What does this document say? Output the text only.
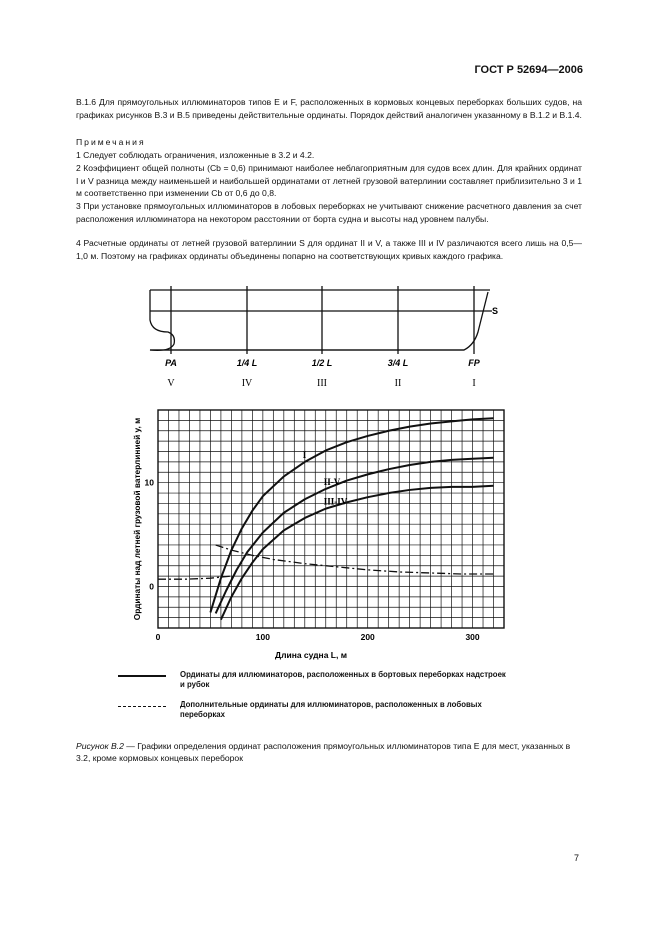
ГОСТ Р 52694—2006
В.1.6 Для прямоугольных иллюминаторов типов Е и F, расположенных в кормовых концевых переборках больших судов, на графиках рисунков В.3 и В.5 приведены действительные ординаты. Порядок действий аналогичен указанному в В.1.2 и В.1.4.
Примечания
1 Следует соблюдать ограничения, изложенные в 3.2 и 4.2.
2 Коэффициент общей полноты (Cb = 0,6) принимают наиболее неблагоприятным для судов всех длин. Для крайних ординат I и V разница между наименьшей и наибольшей ординатами от летней грузовой ватерлинии составляет приблизительно 3 и 1 м соответственно при изменении Cb от 0,6 до 0,8.
3 При установке прямоугольных иллюминаторов в лобовых переборках не учитывают снижение расчетного давления за счет расположения иллюминатора на некотором расстоянии от борта судна и высоты над уровнем палубы.
4 Расчетные ординаты от летней грузовой ватерлинии S для ординат II и V, а также III и IV различаются всего лишь на 0,5—1,0 м. Поэтому на графиках ординаты объединены попарно на соответствующих кривых каждого графика.
S
PA	1/4 L	1/2 L	3/4 L	FP
V	IV	III	II	I
0	100	200	300
0
10
Длина судна L, м
Ординаты над летней грузовой ватерлинией y, м	I
II-V
III-IV
Ординаты для иллюминаторов, расположенных в бортовых переборках надстроек и рубок
Дополнительные ординаты для иллюминаторов, расположенных в лобовых переборках
Рисунок В.2 — Графики определения ординат расположения прямоугольных иллюминаторов типа Е для мест, указанных в 3.2, кроме кормовых концевых переборок
7
